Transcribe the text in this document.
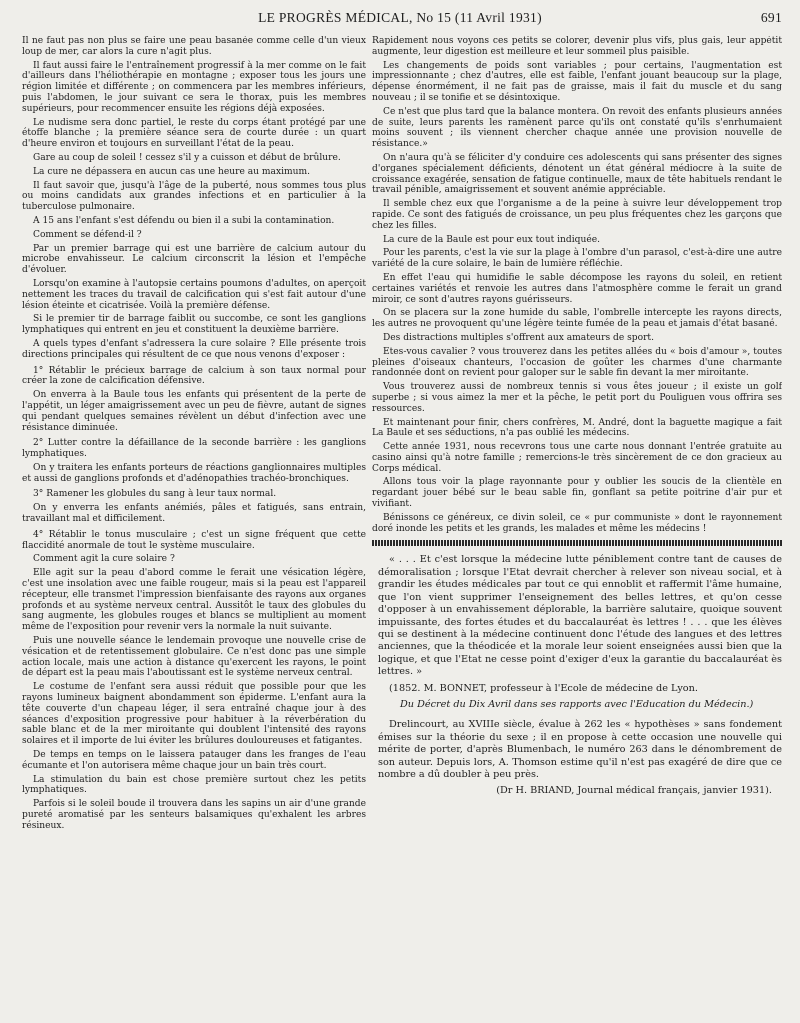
LE PROGRÈS MÉDICAL, No 15 (11 Avril 1931)	691

Il ne faut pas non plus se faire une peau basanée comme celle d'un vieux loup de mer, car alors la cure n'agit plus.

Il faut aussi faire le l'entraînement progressif à la mer comme on le fait d'ailleurs dans l'héliothérapie en montagne ; exposer tous les jours une région limitée et différente ; on commencera par les membres inférieurs, puis l'abdomen, le jour suivant ce sera le thorax, puis les membres supérieurs, pour recommencer ensuite les régions déjà exposées.

Le nudisme sera donc partiel, le reste du corps étant protégé par une étoffe blanche ; la première séance sera de courte durée : un quart d'heure environ et toujours en surveillant l'état de la peau.

Gare au coup de soleil ! cessez s'il y a cuisson et début de brûlure.

La cure ne dépassera en aucun cas une heure au maximum.

Il faut savoir que, jusqu'à l'âge de la puberté, nous sommes tous plus ou moins candidats aux grandes infections et en particulier à la tuberculose pulmonaire.

A 15 ans l'enfant s'est défendu ou bien il a subi la contamination.

Comment se défend-il ?

Par un premier barrage qui est une barrière de calcium autour du microbe envahisseur. Le calcium circonscrit la lésion et l'empêche d'évoluer.

Lorsqu'on examine à l'autopsie certains poumons d'adultes, on aperçoit nettement les traces du travail de calcification qui s'est fait autour d'une lésion éteinte et cicatrisée. Voilà la première défense.

Si le premier tir de barrage faiblit ou succombe, ce sont les ganglions lymphatiques qui entrent en jeu et constituent la deuxième barrière.

A quels types d'enfant s'adressera la cure solaire ? Elle présente trois directions principales qui résultent de ce que nous venons d'exposer :

1° Rétablir le précieux barrage de calcium à son taux normal pour créer la zone de calcification défensive.

On enverra à la Baule tous les enfants qui présentent de la perte de l'appétit, un léger amaigrissement avec un peu de fièvre, autant de signes qui pendant quelques semaines révèlent un début d'infection avec une résistance diminuée.

2° Lutter contre la défaillance de la seconde barrière : les ganglions lymphatiques.

On y traitera les enfants porteurs de réactions ganglionnaires multiples et aussi de ganglions profonds et d'adénopathies trachéo-bronchiques.

3° Ramener les globules du sang à leur taux normal.

On y enverra les enfants anémiés, pâles et fatigués, sans entrain, travaillant mal et difficilement.

4° Rétablir le tonus musculaire ; c'est un signe fréquent que cette flaccidité anormale de tout le système musculaire.

Comment agit la cure solaire ?

Elle agit sur la peau d'abord comme le ferait une vésication légère, c'est une insolation avec une faible rougeur, mais si la peau est l'appareil récepteur, elle transmet l'impression bienfaisante des rayons aux organes profonds et au système nerveux central. Aussitôt le taux des globules du sang augmente, les globules rouges et blancs se multiplient au moment même de l'exposition pour revenir vers la normale la nuit suivante.

Puis une nouvelle séance le lendemain provoque une nouvelle crise de vésication et de retentissement globulaire. Ce n'est donc pas une simple action locale, mais une action à distance qu'exercent les rayons, le point de départ est la peau mais l'aboutissant est le système nerveux central.

Le costume de l'enfant sera aussi réduit que possible pour que les rayons lumineux baignent abondamment son épiderme. L'enfant aura la tête couverte d'un chapeau léger, il sera entraîné chaque jour à des séances d'exposition progressive pour habituer à la réverbération du sable blanc et de la mer miroitante qui doublent l'intensité des rayons solaires et il importe de lui éviter les brûlures douloureuses et fatigantes.

De temps en temps on le laissera patauger dans les franges de l'eau écumante et l'on autorisera même chaque jour un bain très court.

La stimulation du bain est chose première surtout chez les petits lymphatiques.

Parfois si le soleil boude il trouvera dans les sapins un air d'une grande pureté aromatisé par les senteurs balsamiques qu'exhalent les arbres résineux.

Rapidement nous voyons ces petits se colorer, devenir plus vifs, plus gais, leur appétit augmente, leur digestion est meilleure et leur sommeil plus paisible.

Les changements de poids sont variables ; pour certains, l'augmentation est impressionnante ; chez d'autres, elle est faible, l'enfant jouant beaucoup sur la plage, dépense énormément, il ne fait pas de graisse, mais il fait du muscle et du sang nouveau ; il se tonifie et se désintoxique.

Ce n'est que plus tard que la balance montera. On revoit des enfants plusieurs années de suite, leurs parents les ramènent parce qu'ils ont constaté qu'ils s'enrhumaient moins souvent ; ils viennent chercher chaque année une provision nouvelle de résistance.»

On n'aura qu'à se féliciter d'y conduire ces adolescents qui sans présenter des signes d'organes spécialement déficients, dénotent un état général médiocre à la suite de croissance exagérée, sensation de fatigue continuelle, maux de tête habituels rendant le travail pénible, amaigrissement et souvent anémie appréciable.

Il semble chez eux que l'organisme a de la peine à suivre leur développement trop rapide. Ce sont des fatigués de croissance, un peu plus fréquentes chez les garçons que chez les filles.

La cure de la Baule est pour eux tout indiquée.

Pour les parents, c'est la vie sur la plage à l'ombre d'un parasol, c'est-à-dire une autre variété de la cure solaire, le bain de lumière réfléchie.

En effet l'eau qui humidifie le sable décompose les rayons du soleil, en retient certaines variétés et renvoie les autres dans l'atmosphère comme le ferait un grand miroir, ce sont d'autres rayons guérisseurs.

On se placera sur la zone humide du sable, l'ombrelle intercepte les rayons directs, les autres ne provoquent qu'une légère teinte fumée de la peau et jamais d'état basané.

Des distractions multiples s'offrent aux amateurs de sport.

Etes-vous cavalier ? vous trouverez dans les petites allées du « bois d'amour », toutes pleines d'oiseaux chanteurs, l'occasion de goûter les charmes d'une charmante randonnée dont on revient pour galoper sur le sable fin devant la mer miroitante.

Vous trouverez aussi de nombreux tennis si vous êtes joueur ; il existe un golf superbe ; si vous aimez la mer et la pêche, le petit port du Pouliguen vous offrira ses ressources.

Et maintenant pour finir, chers confrères, M. André, dont la baguette magique a fait La Baule et ses séductions, n'a pas oublié les médecins.

Cette année 1931, nous recevrons tous une carte nous donnant l'entrée gratuite au casino ainsi qu'à notre famille ; remercions-le très sincèrement de ce don gracieux au Corps médical.

Allons tous voir la plage rayonnante pour y oublier les soucis de la clientèle en regardant jouer bébé sur le beau sable fin, gonflant sa petite poitrine d'air pur et vivifiant.

Bénissons ce généreux, ce divin soleil, ce « pur communiste » dont le rayonnement doré inonde les petits et les grands, les malades et même les médecins !

« . . . Et c'est lorsque la médecine lutte péniblement contre tant de causes de démoralisation ; lorsque l'Etat devrait chercher à relever son niveau social, et à grandir les études médicales par tout ce qui ennoblit et raffermit l'âme humaine, que l'on vient supprimer l'enseignement des belles lettres, et qu'on cesse d'opposer à un envahissement déplorable, la barrière salutaire, quoique souvent impuissante, des fortes études et du baccalauréat ès lettres ! . . . que les élèves qui se destinent à la médecine continuent donc l'étude des langues et des lettres anciennes, que la théodicée et la morale leur soient enseignées aussi bien que la logique, et que l'Etat ne cesse point d'exiger d'eux la garantie du baccalauréat ès lettres. »

(1852. M. BONNET, professeur à l'Ecole de médecine de Lyon.

Du Décret du Dix Avril dans ses rapports avec l'Education du Médecin.)

Drelincourt, au XVIIIe siècle, évalue à 262 les « hypothèses » sans fondement émises sur la théorie du sexe ; il en propose à cette occasion une nouvelle qui mérite de porter, d'après Blumenbach, le numéro 263 dans le dénombrement de son auteur. Depuis lors, A. Thomson estime qu'il n'est pas exagéré de dire que ce nombre a dû doubler à peu près.

(Dr H. BRIAND, Journal médical français, janvier 1931).
